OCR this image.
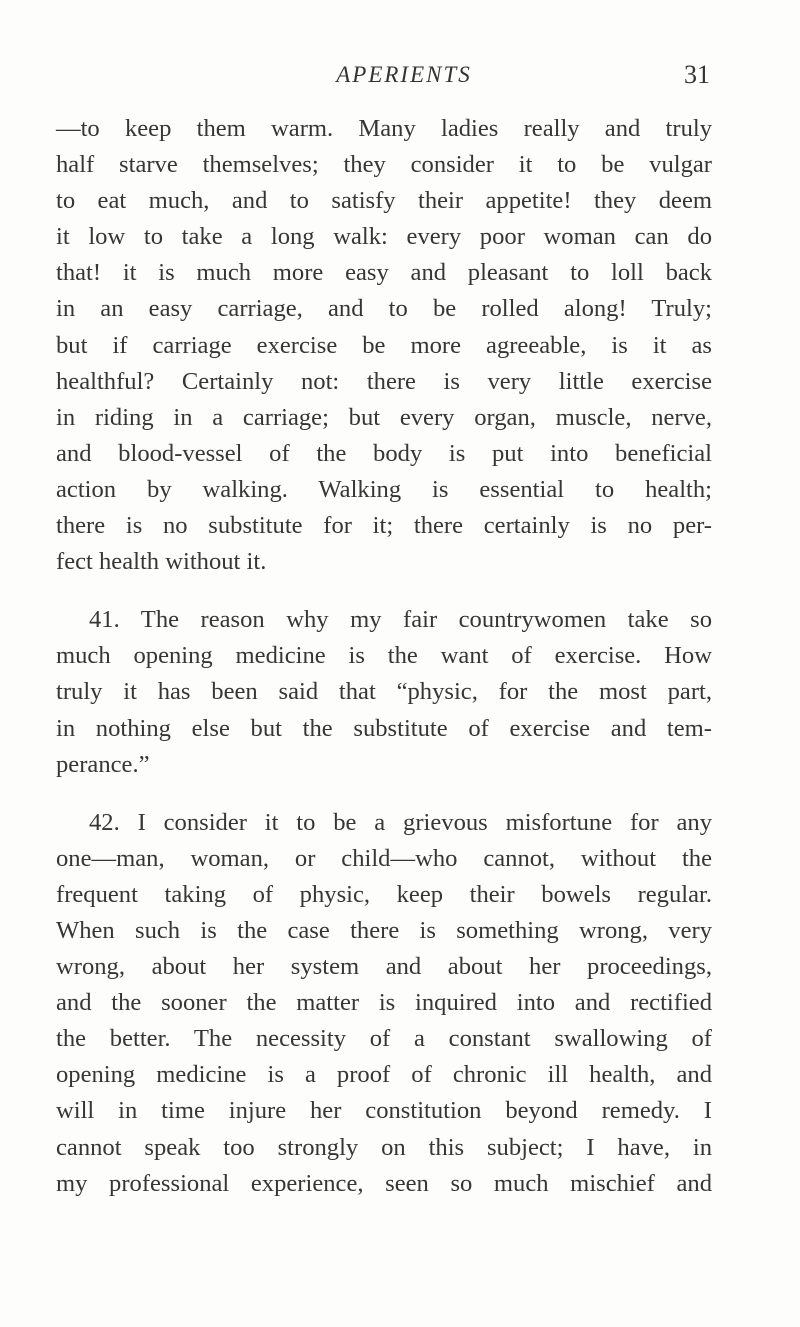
APERIENTS	31

—to keep them warm. Many ladies really and truly

half starve themselves; they consider it to be vulgar

to eat much, and to satisfy their appetite! they deem

it low to take a long walk: every poor woman can do

that! it is much more easy and pleasant to loll back

in an easy carriage, and to be rolled along! Truly;

but if carriage exercise be more agreeable, is it as

healthful? Certainly not: there is very little exercise

in riding in a carriage; but every organ, muscle, nerve,

and blood-vessel of the body is put into beneficial

action by walking. Walking is essential to health;

there is no substitute for it; there certainly is no per-

fect health without it.

41. The reason why my fair countrywomen take so

much opening medicine is the want of exercise. How

truly it has been said that “physic, for the most part,

in nothing else but the substitute of exercise and tem-

perance.”

42. I consider it to be a grievous misfortune for any

one—man, woman, or child—who cannot, without the

frequent taking of physic, keep their bowels regular.

When such is the case there is something wrong, very

wrong, about her system and about her proceedings,

and the sooner the matter is inquired into and rectified

the better. The necessity of a constant swallowing of

opening medicine is a proof of chronic ill health, and

will in time injure her constitution beyond remedy. I

cannot speak too strongly on this subject; I have, in

my professional experience, seen so much mischief and
